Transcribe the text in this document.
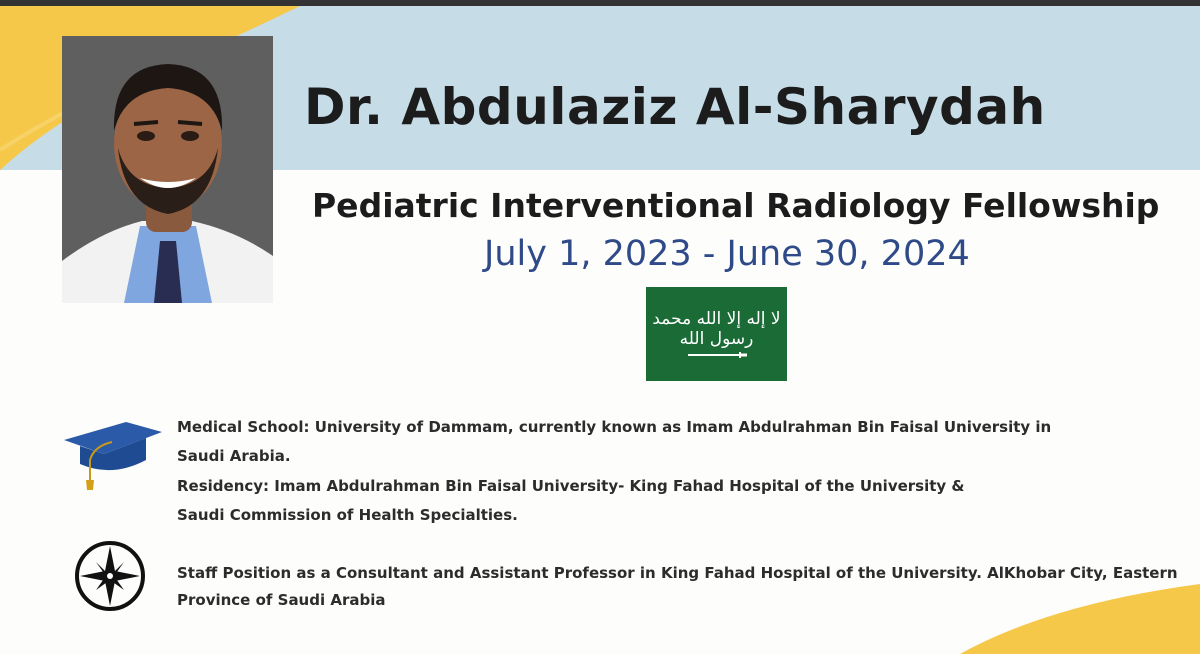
Dr. Abdulaziz Al-Sharydah
Pediatric Interventional Radiology Fellowship
July 1, 2023 - June 30, 2024
لا إله إلا الله محمد رسول الله

Medical School: University of Dammam, currently known as Imam Abdulrahman Bin Faisal University in

Saudi Arabia.

Residency: Imam Abdulrahman Bin Faisal University- King Fahad Hospital of the University &

Saudi Commission of Health Specialties.

Staff Position as a Consultant and Assistant Professor in King Fahad Hospital of the University. AlKhobar City, Eastern

Province of Saudi Arabia
